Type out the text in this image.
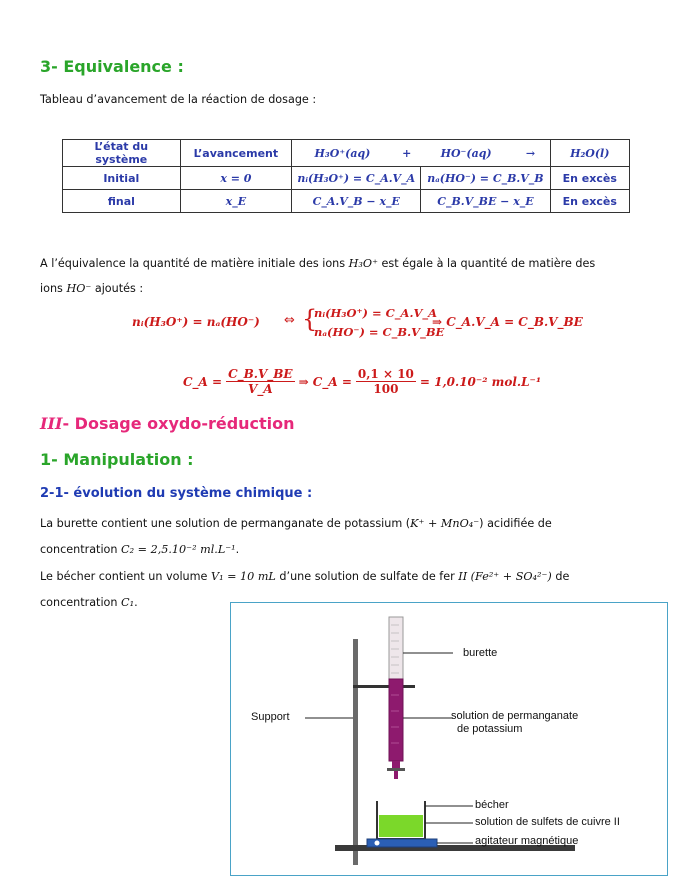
3- Equivalence :
Tableau d’avancement de la réaction de dosage :
L’état du système	L’avancement	H₃O⁺(aq)	+	HO⁻(aq)	→	H₂O(l)
Initial	x = 0	nᵢ(H₃O⁺) = C_A.V_A		nₐ(HO⁻) = C_B.V_B		En excès
final	x_E	C_A.V_B − x_E		C_B.V_BE − x_E		En excès
A l’équivalence la quantité de matière initiale des ions H₃O⁺ est égale à la quantité de matière des
ions HO⁻ ajoutés :
nᵢ(H₃O⁺) = nₐ(HO⁻) ⇔ {
nᵢ(H₃O⁺) = C_A.V_A
nₐ(HO⁻) = C_B.V_BE
⇒ C_A.V_A = C_B.V_BE
C_A = $\frac{C\_B.V\_BE}{V\_A}$ ⇒ C_A = $\frac{0,1 \times 10}{100} = 1,0.10^{-2}$ mol.L⁻¹
III- Dosage oxydo-réduction
1- Manipulation :
2-1- évolution du système chimique :
La burette contient une solution de permanganate de potassium (K⁺ + MnO₄⁻) acidifiée de
concentration C₂ = 2,5.10⁻² ml.L⁻¹.
Le bécher contient un volume V₁ = 10 mL d’une solution de sulfate de fer II (Fe²⁺ + SO₄²⁻) de
concentration C₁.
burette
Support	solution de permanganate
de potassium
bécher
solution de sulfets de cuivre II
agitateur magnétique
